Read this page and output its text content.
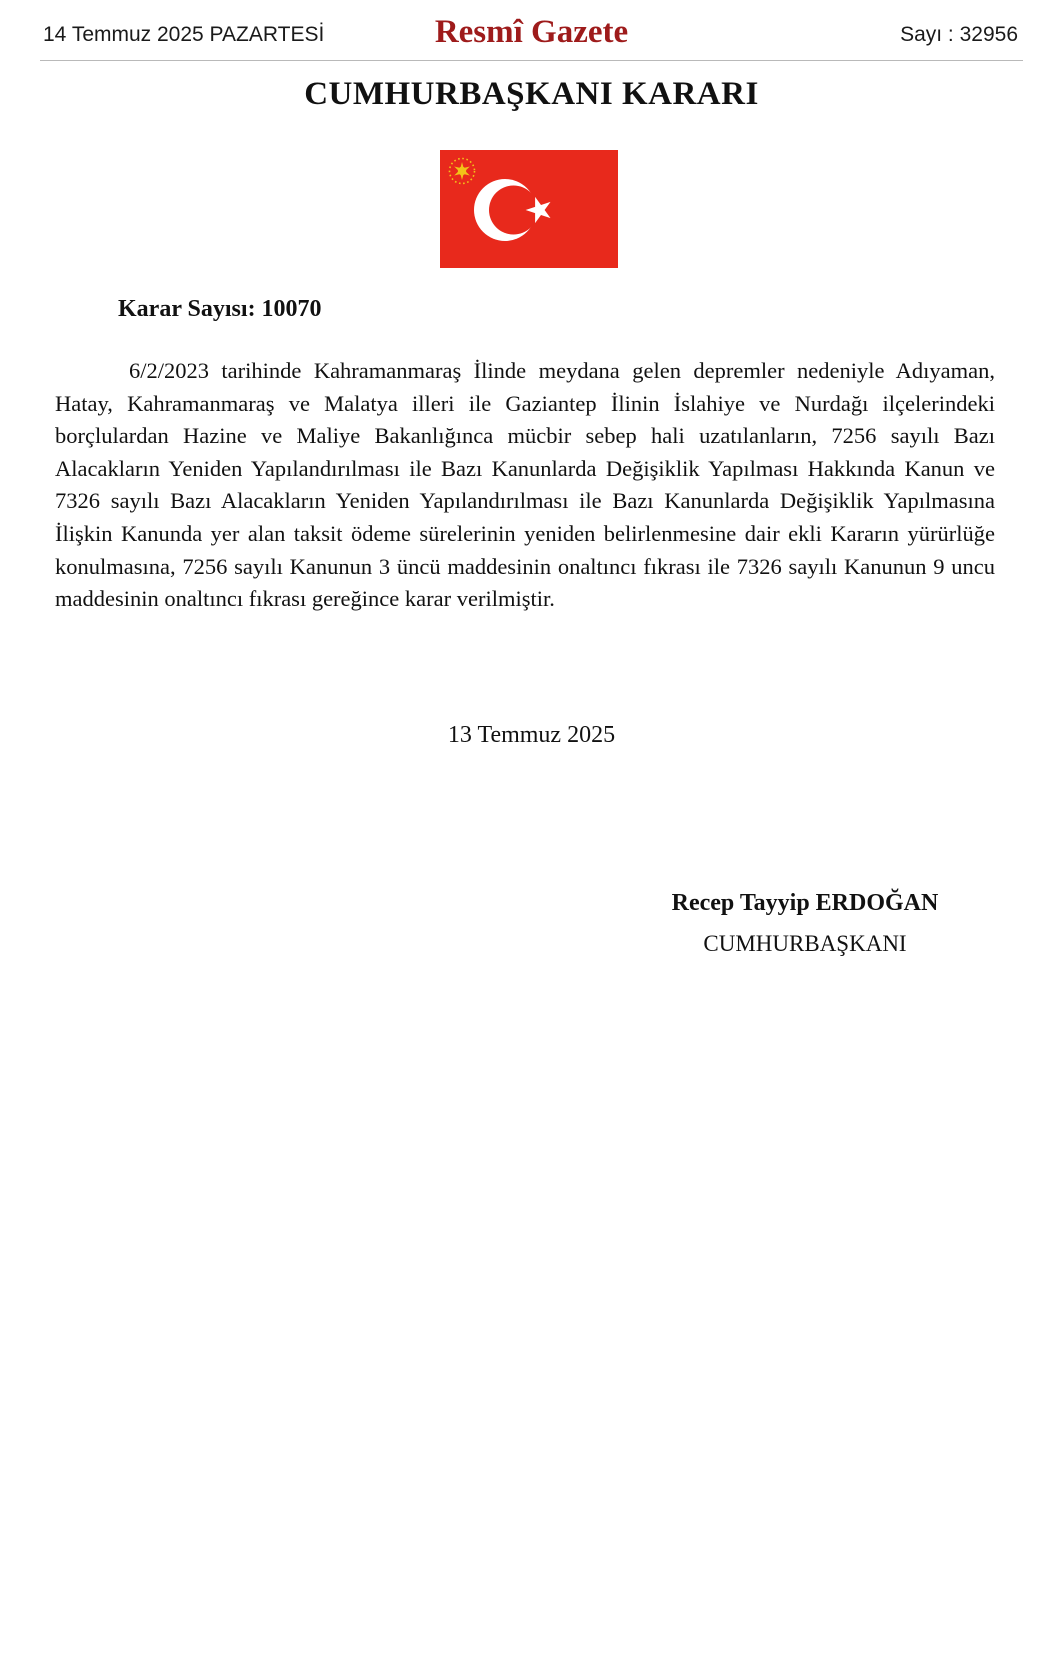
14 Temmuz 2025 PAZARTESİ	Resmî Gazete	Sayı : 32956
CUMHURBAŞKANI KARARI
Karar Sayısı: 10070

6/2/2023 tarihinde Kahramanmaraş İlinde meydana gelen depremler nedeniyle Adıyaman, Hatay, Kahramanmaraş ve Malatya illeri ile Gaziantep İlinin İslahiye ve Nurdağı ilçelerindeki borçlulardan Hazine ve Maliye Bakanlığınca mücbir sebep hali uzatılanların, 7256 sayılı Bazı Alacakların Yeniden Yapılandırılması ile Bazı Kanunlarda Değişiklik Yapılması Hakkında Kanun ve 7326 sayılı Bazı Alacakların Yeniden Yapılandırılması ile Bazı Kanunlarda Değişiklik Yapılmasına İlişkin Kanunda yer alan taksit ödeme sürelerinin yeniden belirlenmesine dair ekli Kararın yürürlüğe konulmasına, 7256 sayılı Kanunun 3 üncü maddesinin onaltıncı fıkrası ile 7326 sayılı Kanunun 9 uncu maddesinin onaltıncı fıkrası gereğince karar verilmiştir.

13 Temmuz 2025
Recep Tayyip ERDOĞAN
CUMHURBAŞKANI
